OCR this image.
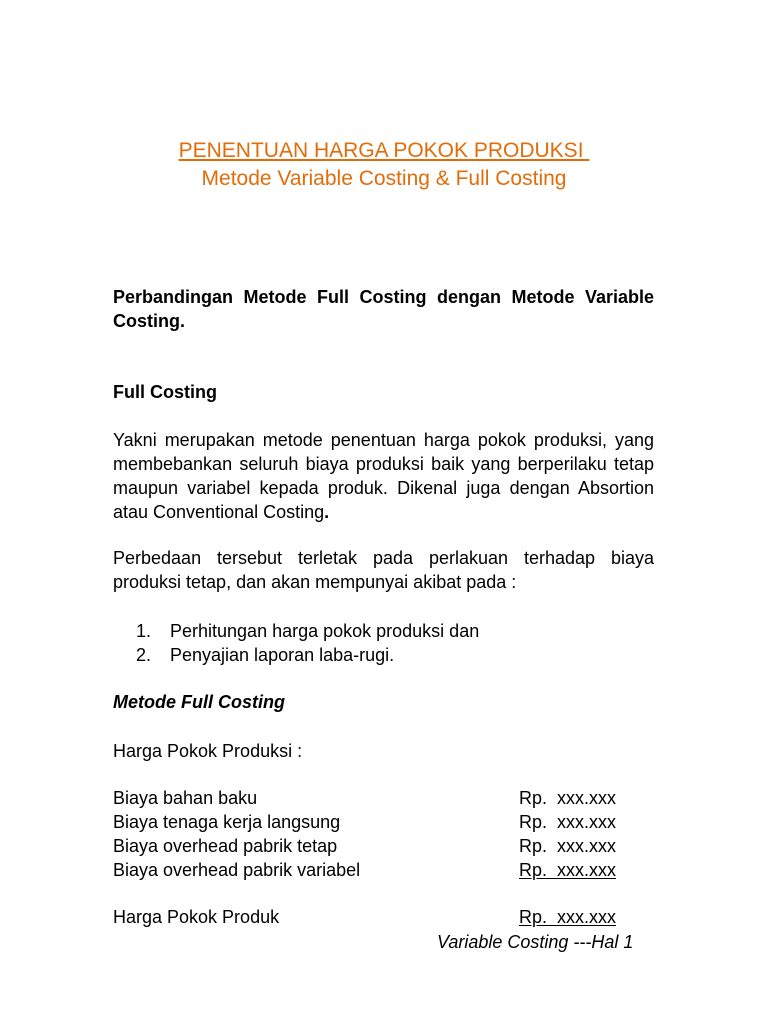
PENENTUAN HARGA POKOK PRODUKSI
Metode Variable Costing & Full Costing
Perbandingan Metode Full Costing dengan Metode Variable Costing.
Full Costing
Yakni merupakan metode penentuan harga pokok produksi, yang membebankan seluruh biaya produksi baik yang berperilaku tetap maupun variabel kepada produk. Dikenal juga dengan Absortion atau Conventional Costing.
Perbedaan tersebut terletak pada perlakuan terhadap biaya produksi tetap, dan akan mempunyai akibat pada :
1.	Perhitungan harga pokok produksi dan
2.	Penyajian laporan laba-rugi.
Metode Full Costing
Harga Pokok Produksi :
Biaya bahan baku	Rp.  xxx.xxx
Biaya tenaga kerja langsung	Rp.  xxx.xxx
Biaya overhead pabrik tetap	Rp.  xxx.xxx
Biaya overhead pabrik variabel	Rp.  xxx.xxx
Harga Pokok Produk	Rp.  xxx.xxx
Variable Costing ---Hal 1
